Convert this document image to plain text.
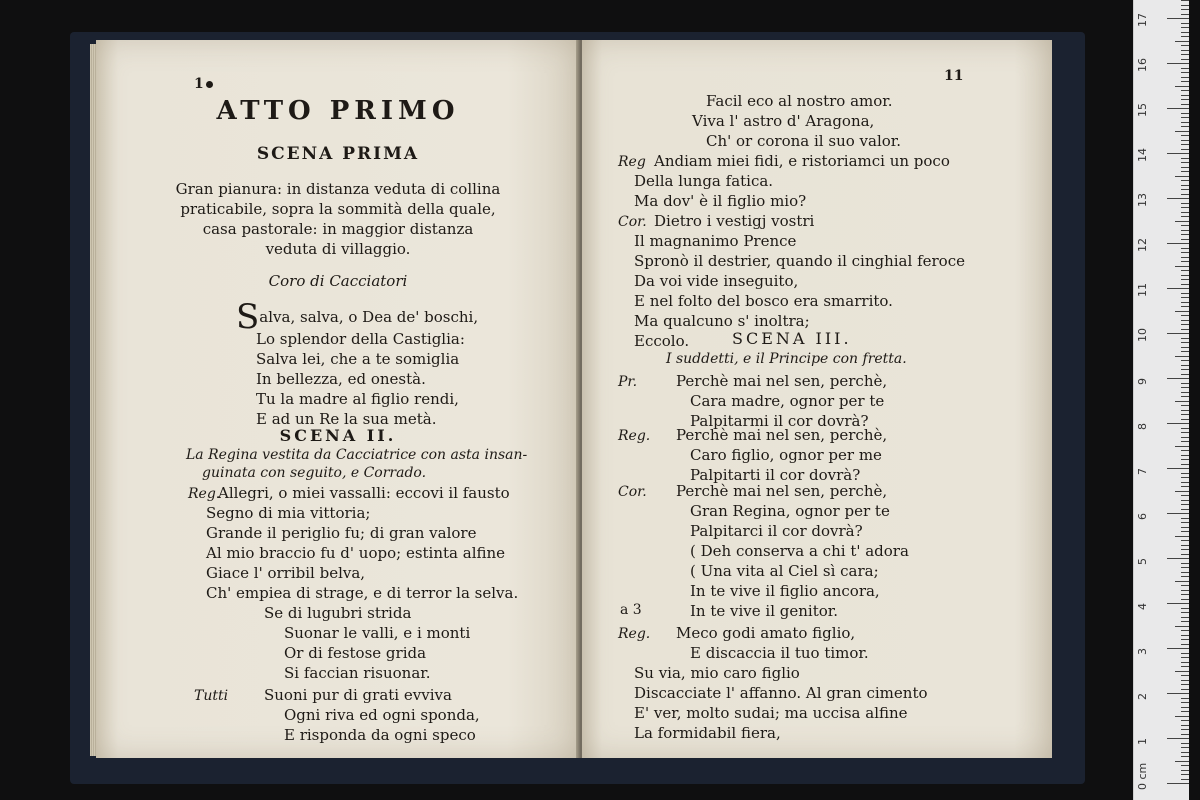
1
ATTO PRIMO
SCENA PRIMA
Gran pianura: in distanza veduta di collina
praticabile, sopra la sommità della quale,
casa pastorale: in maggior distanza
veduta di villaggio.
Coro di Cacciatori
Salva, salva, o Dea de' boschi,
Lo splendor della Castiglia:
Salva lei, che a te somiglia
In bellezza, ed onestà.
Tu la madre al figlio rendi,
E ad un Re la sua metà.
SCENA II.
La Regina vestita da Cacciatrice con asta insan-
guinata con seguito, e Corrado.
Reg.
Allegri, o miei vassalli: eccovi il fausto
Segno di mia vittoria;
Grande il periglio fu; di gran valore
Al mio braccio fu d' uopo; estinta alfine
Giace l' orribil belva,
Ch' empiea di strage, e di terror la selva.
Se di lugubri strida
Suonar le valli, e i monti
Or di festose grida
Si faccian risuonar.
Tutti Suoni pur di grati evviva
Ogni riva ed ogni sponda,
E risponda da ogni speco
11
Facil eco al nostro amor.
Viva l' astro d' Aragona,
Ch' or corona il suo valor.
Reg Andiam miei fidi, e ristoriamci un poco
Della lunga fatica.
Ma dov' è il figlio mio?
Cor. Dietro i vestigj vostri
Il magnanimo Prence
Spronò il destrier, quando il cinghial feroce
Da voi vide inseguito,
E nel folto del bosco era smarrito.
Ma qualcuno s' inoltra;
Eccolo.	SCENA III.
I suddetti, e il Principe con fretta.
Pr.	Perchè mai nel sen, perchè,
Cara madre, ognor per te
Palpitarmi il cor dovrà?
Reg. Perchè mai nel sen, perchè,
Caro figlio, ognor per me
Palpitarti il cor dovrà?
Cor. Perchè mai nel sen, perchè,
Gran Regina, ognor per te
Palpitarci il cor dovrà?
( Deh conserva a chi t' adora
( Una vita al Ciel sì cara;
In te vive il figlio ancora,
a 3	In te vive il genitor.
Reg. Meco godi amato figlio,
E discaccia il tuo timor.
Su via, mio caro figlio
Discacciate l' affanno. Al gran cimento
E' ver, molto sudai; ma uccisa alfine
La formidabil fiera,
0 cm
1
2
3
4
5
6
7
8
9
10
11
12
13
14
15
16
17
